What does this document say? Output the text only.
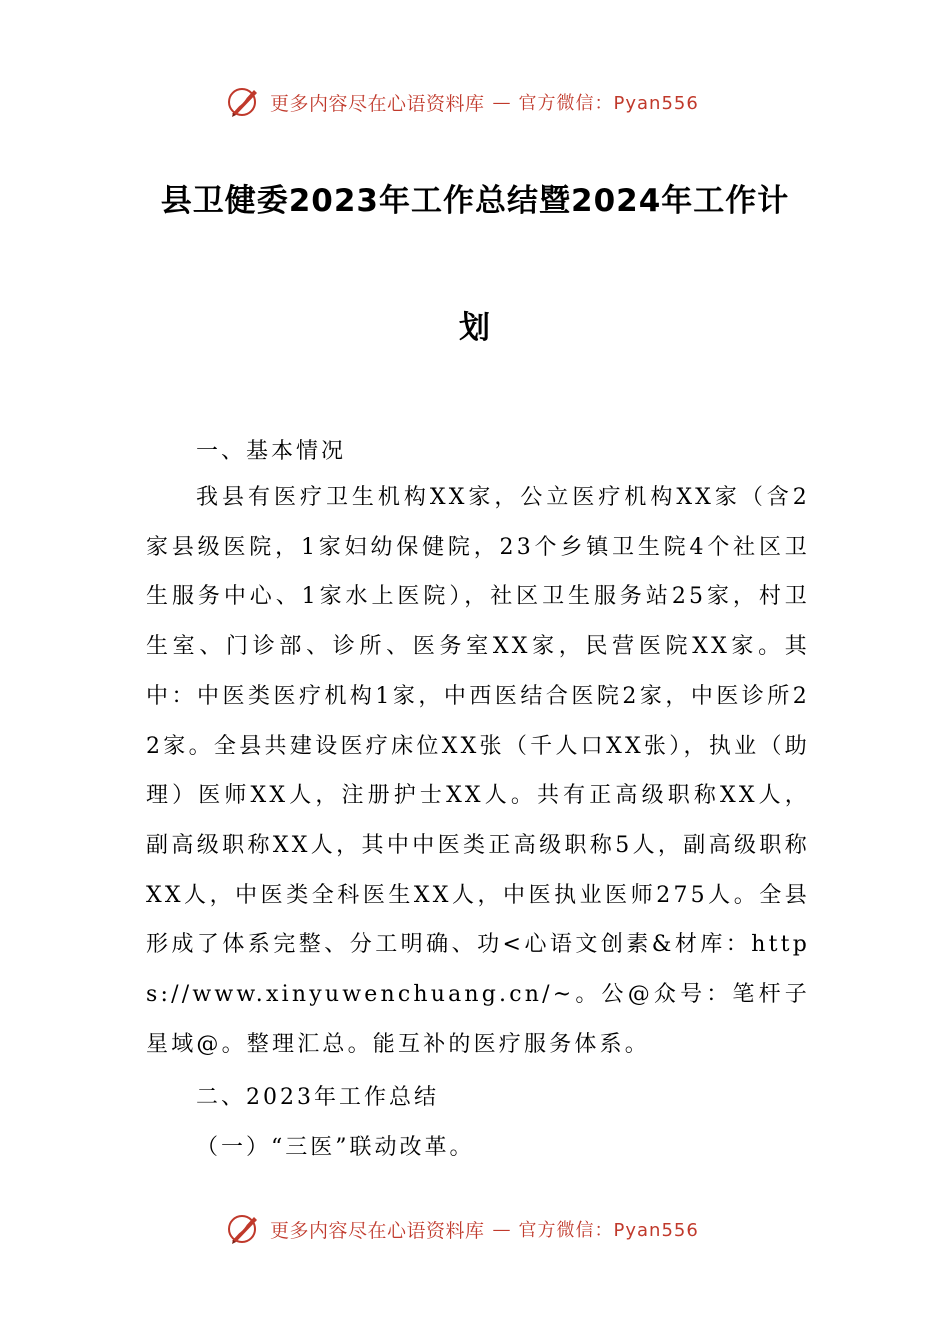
更多内容尽在心语资料库 — 官方微信：Pyan556
县卫健委2023年工作总结暨2024年工作计
划
一、基本情况
我县有医疗卫生机构XX家，公立医疗机构XX家（含2家县级医院，1家妇幼保健院，23个乡镇卫生院4个社区卫生服务中心、1家水上医院），社区卫生服务站25家，村卫生室、门诊部、诊所、医务室XX家，民营医院XX家。其中：中医类医疗机构1家，中西医结合医院2家，中医诊所22家。全县共建设医疗床位XX张（千人口XX张），执业（助理）医师XX人，注册护士XX人。共有正高级职称XX人，副高级职称XX人，其中中医类正高级职称5人，副高级职称XX人，中医类全科医生XX人，中医执业医师275人。全县形成了体系完整、分工明确、功<心语文创素&材库：https://www.xinyuwenchuang.cn/~。公@众号：笔杆子星域@。整理汇总。能互补的医疗服务体系。
二、2023年工作总结
（一）“三医”联动改革。
更多内容尽在心语资料库 — 官方微信：Pyan556
